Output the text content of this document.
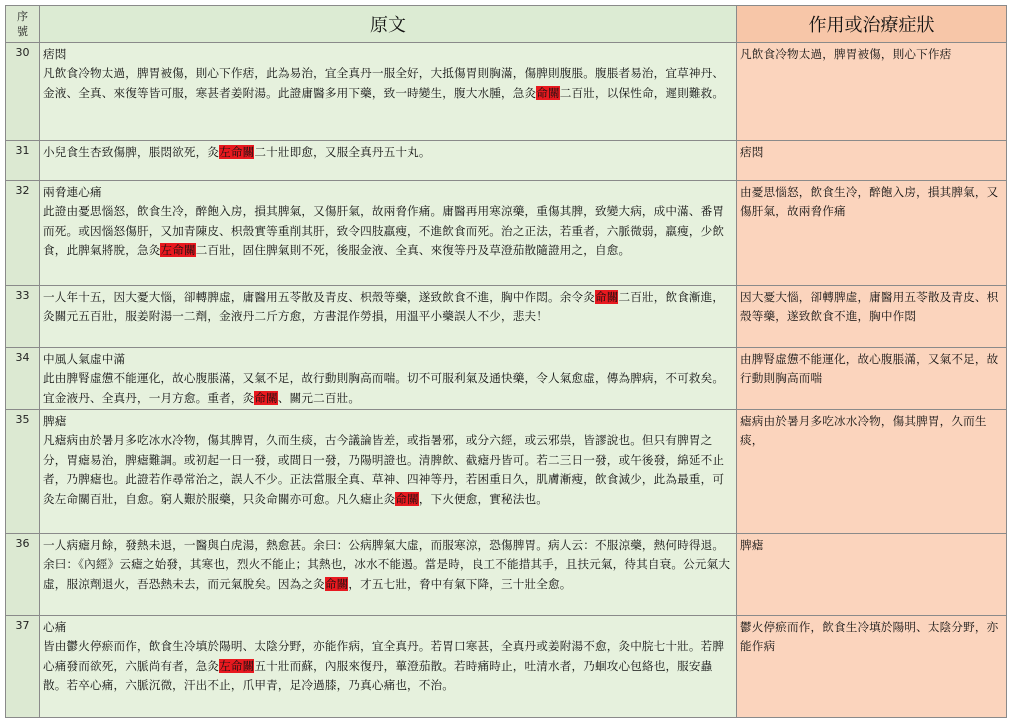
序
號	原文	作用或治療症狀
30	痞悶
凡飲食冷物太過，脾胃被傷，則心下作痞，此為易治，宜全真丹一服全好，大抵傷胃則胸滿，傷脾則腹脹。腹脹者易治，宜草神丹、金液、全真、來復等皆可服，寒甚者姜附湯。此證庸醫多用下藥，致一時變生，腹大水腫，急灸命關二百壯，以保性命，遲則難救。	凡飲食冷物太過，脾胃被傷，則心下作痞
31	小兒食生杏致傷脾，脹悶欲死，灸左命關二十壯即愈，又服全真丹五十丸。	痞悶
32	兩脅連心痛
此證由憂思惱怒，飲食生冷，醉飽入房，損其脾氣，又傷肝氣，故兩脅作痛。庸醫再用寒涼藥，重傷其脾，致變大病，成中滿、番胃而死。或因惱怒傷肝，又加青陳皮、枳殼實等重削其肝，致令四肢羸瘦，不進飲食而死。治之正法，若重者，六脈微弱，羸瘦，少飲食，此脾氣將脫，急灸左命關二百壯，固住脾氣則不死，後服金液、全真、來復等丹及草澄茄散隨證用之，自愈。	由憂思惱怒，飲食生冷，醉飽入房，損其脾氣，又傷肝氣，故兩脅作痛
33	一人年十五，因大憂大惱，卻轉脾虛，庸醫用五苓散及青皮、枳殼等藥，遂致飲食不進，胸中作悶。余令灸命關二百壯，飲食漸進，灸關元五百壯，服姜附湯一二劑，金液丹二斤方愈，方書混作勞損，用溫平小藥誤人不少，悲夫！	因大憂大惱，卻轉脾虛，庸醫用五苓散及青皮、枳殼等藥，遂致飲食不進，胸中作悶
34	中風人氣虛中滿
此由脾腎虛憊不能運化，故心腹脹滿，又氣不足，故行動則胸高而喘。切不可服利氣及通快藥，令人氣愈虛，傳為脾病，不可救矣。宜金液丹、全真丹，一月方愈。重者，灸命關、關元二百壯。	由脾腎虛憊不能運化，故心腹脹滿，又氣不足，故行動則胸高而喘
35	脾瘧
凡瘧病由於暑月多吃冰水冷物，傷其脾胃，久而生痰，古今議論皆差，或指暑邪，或分六經，或云邪祟，皆謬說也。但只有脾胃之分，胃瘧易治，脾瘧難調。或初起一日一發，或間日一發，乃陽明證也。清脾飲、截瘧丹皆可。若二三日一發，或午後發，綿延不止者，乃脾瘧也。此證若作尋常治之，誤人不少。正法當服全真、草神、四神等丹，若困重日久，肌膚漸瘦，飲食減少，此為最重，可灸左命關百壯，自愈。窮人艱於服藥，只灸命關亦可愈。凡久瘧止灸命關，下火便愈，實秘法也。	瘧病由於暑月多吃冰水冷物，傷其脾胃，久而生痰，
36	一人病瘧月餘，發熱未退，一醫與白虎湯，熱愈甚。余曰：公病脾氣大虛，而服寒涼，恐傷脾胃。病人云：不服涼藥，熱何時得退。余曰：《內經》云瘧之始發，其寒也，烈火不能止；其熱也，冰水不能遏。當是時，良工不能措其手，且扶元氣，待其自衰。公元氣大虛，服涼劑退火，吾恐熱未去，而元氣脫矣。因為之灸命關，才五七壯，脅中有氣下降，三十壯全愈。	脾瘧
37	心痛
皆由鬱火停瘀而作，飲食生冷填於陽明、太陰分野，亦能作病，宜全真丹。若胃口寒甚，全真丹或姜附湯不愈，灸中脘七十壯。若脾心痛發而欲死，六脈尚有者，急灸左命關五十壯而蘇，內服來復丹，蓽澄茄散。若時痛時止，吐清水者，乃蛔攻心包絡也，服安蟲散。若卒心痛，六脈沉微，汗出不止，爪甲青，足冷過膝，乃真心痛也，不治。	鬱火停瘀而作，飲食生冷填於陽明、太陰分野，亦能作病
